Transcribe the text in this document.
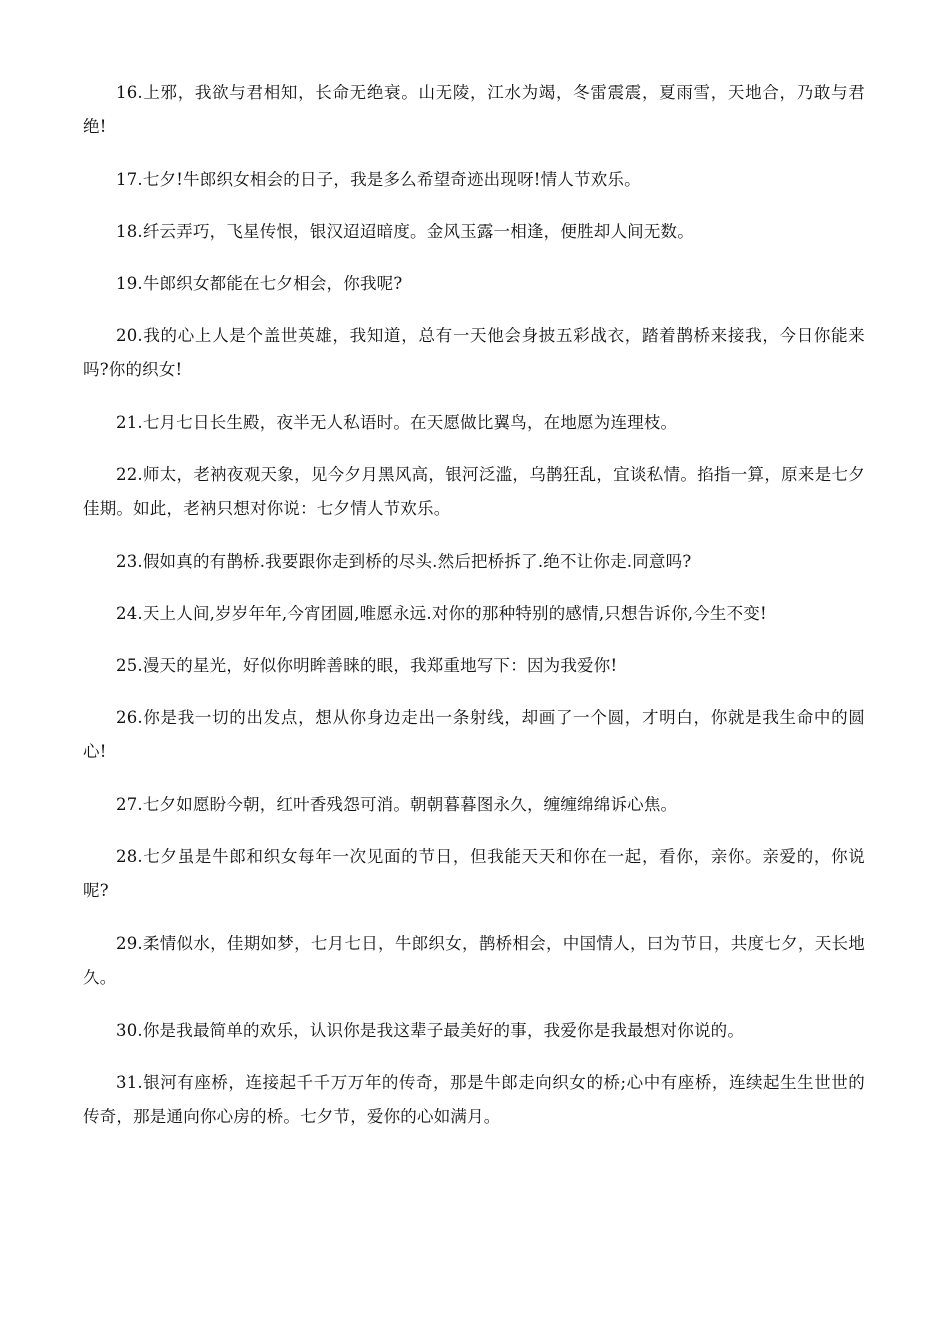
16.上邪，我欲与君相知，长命无绝衰。山无陵，江水为竭，冬雷震震，夏雨雪，天地合，乃敢与君绝!

17.七夕!牛郎织女相会的日子，我是多么希望奇迹出现呀!情人节欢乐。

18.纤云弄巧，飞星传恨，银汉迢迢暗度。金风玉露一相逢，便胜却人间无数。

19.牛郎织女都能在七夕相会，你我呢?

20.我的心上人是个盖世英雄，我知道，总有一天他会身披五彩战衣，踏着鹊桥来接我，今日你能来吗?你的织女!

21.七月七日长生殿，夜半无人私语时。在天愿做比翼鸟，在地愿为连理枝。

22.师太，老衲夜观天象，见今夕月黑风高，银河泛滥，乌鹊狂乱，宜谈私情。掐指一算，原来是七夕佳期。如此，老衲只想对你说：七夕情人节欢乐。

23.假如真的有鹊桥.我要跟你走到桥的尽头.然后把桥拆了.绝不让你走.同意吗?

24.天上人间,岁岁年年,今宵团圆,唯愿永远.对你的那种特别的感情,只想告诉你,今生不变!

25.漫天的星光，好似你明眸善睐的眼，我郑重地写下：因为我爱你!

26.你是我一切的出发点，想从你身边走出一条射线，却画了一个圆，才明白，你就是我生命中的圆心!

27.七夕如愿盼今朝，红叶香残怨可消。朝朝暮暮图永久，缠缠绵绵诉心焦。

28.七夕虽是牛郎和织女每年一次见面的节日，但我能天天和你在一起，看你，亲你。亲爱的，你说呢?

29.柔情似水，佳期如梦，七月七日，牛郎织女，鹊桥相会，中国情人，曰为节日，共度七夕，天长地久。

30.你是我最简单的欢乐，认识你是我这辈子最美好的事，我爱你是我最想对你说的。

31.银河有座桥，连接起千千万万年的传奇，那是牛郎走向织女的桥;心中有座桥，连续起生生世世的传奇，那是通向你心房的桥。七夕节，爱你的心如满月。
